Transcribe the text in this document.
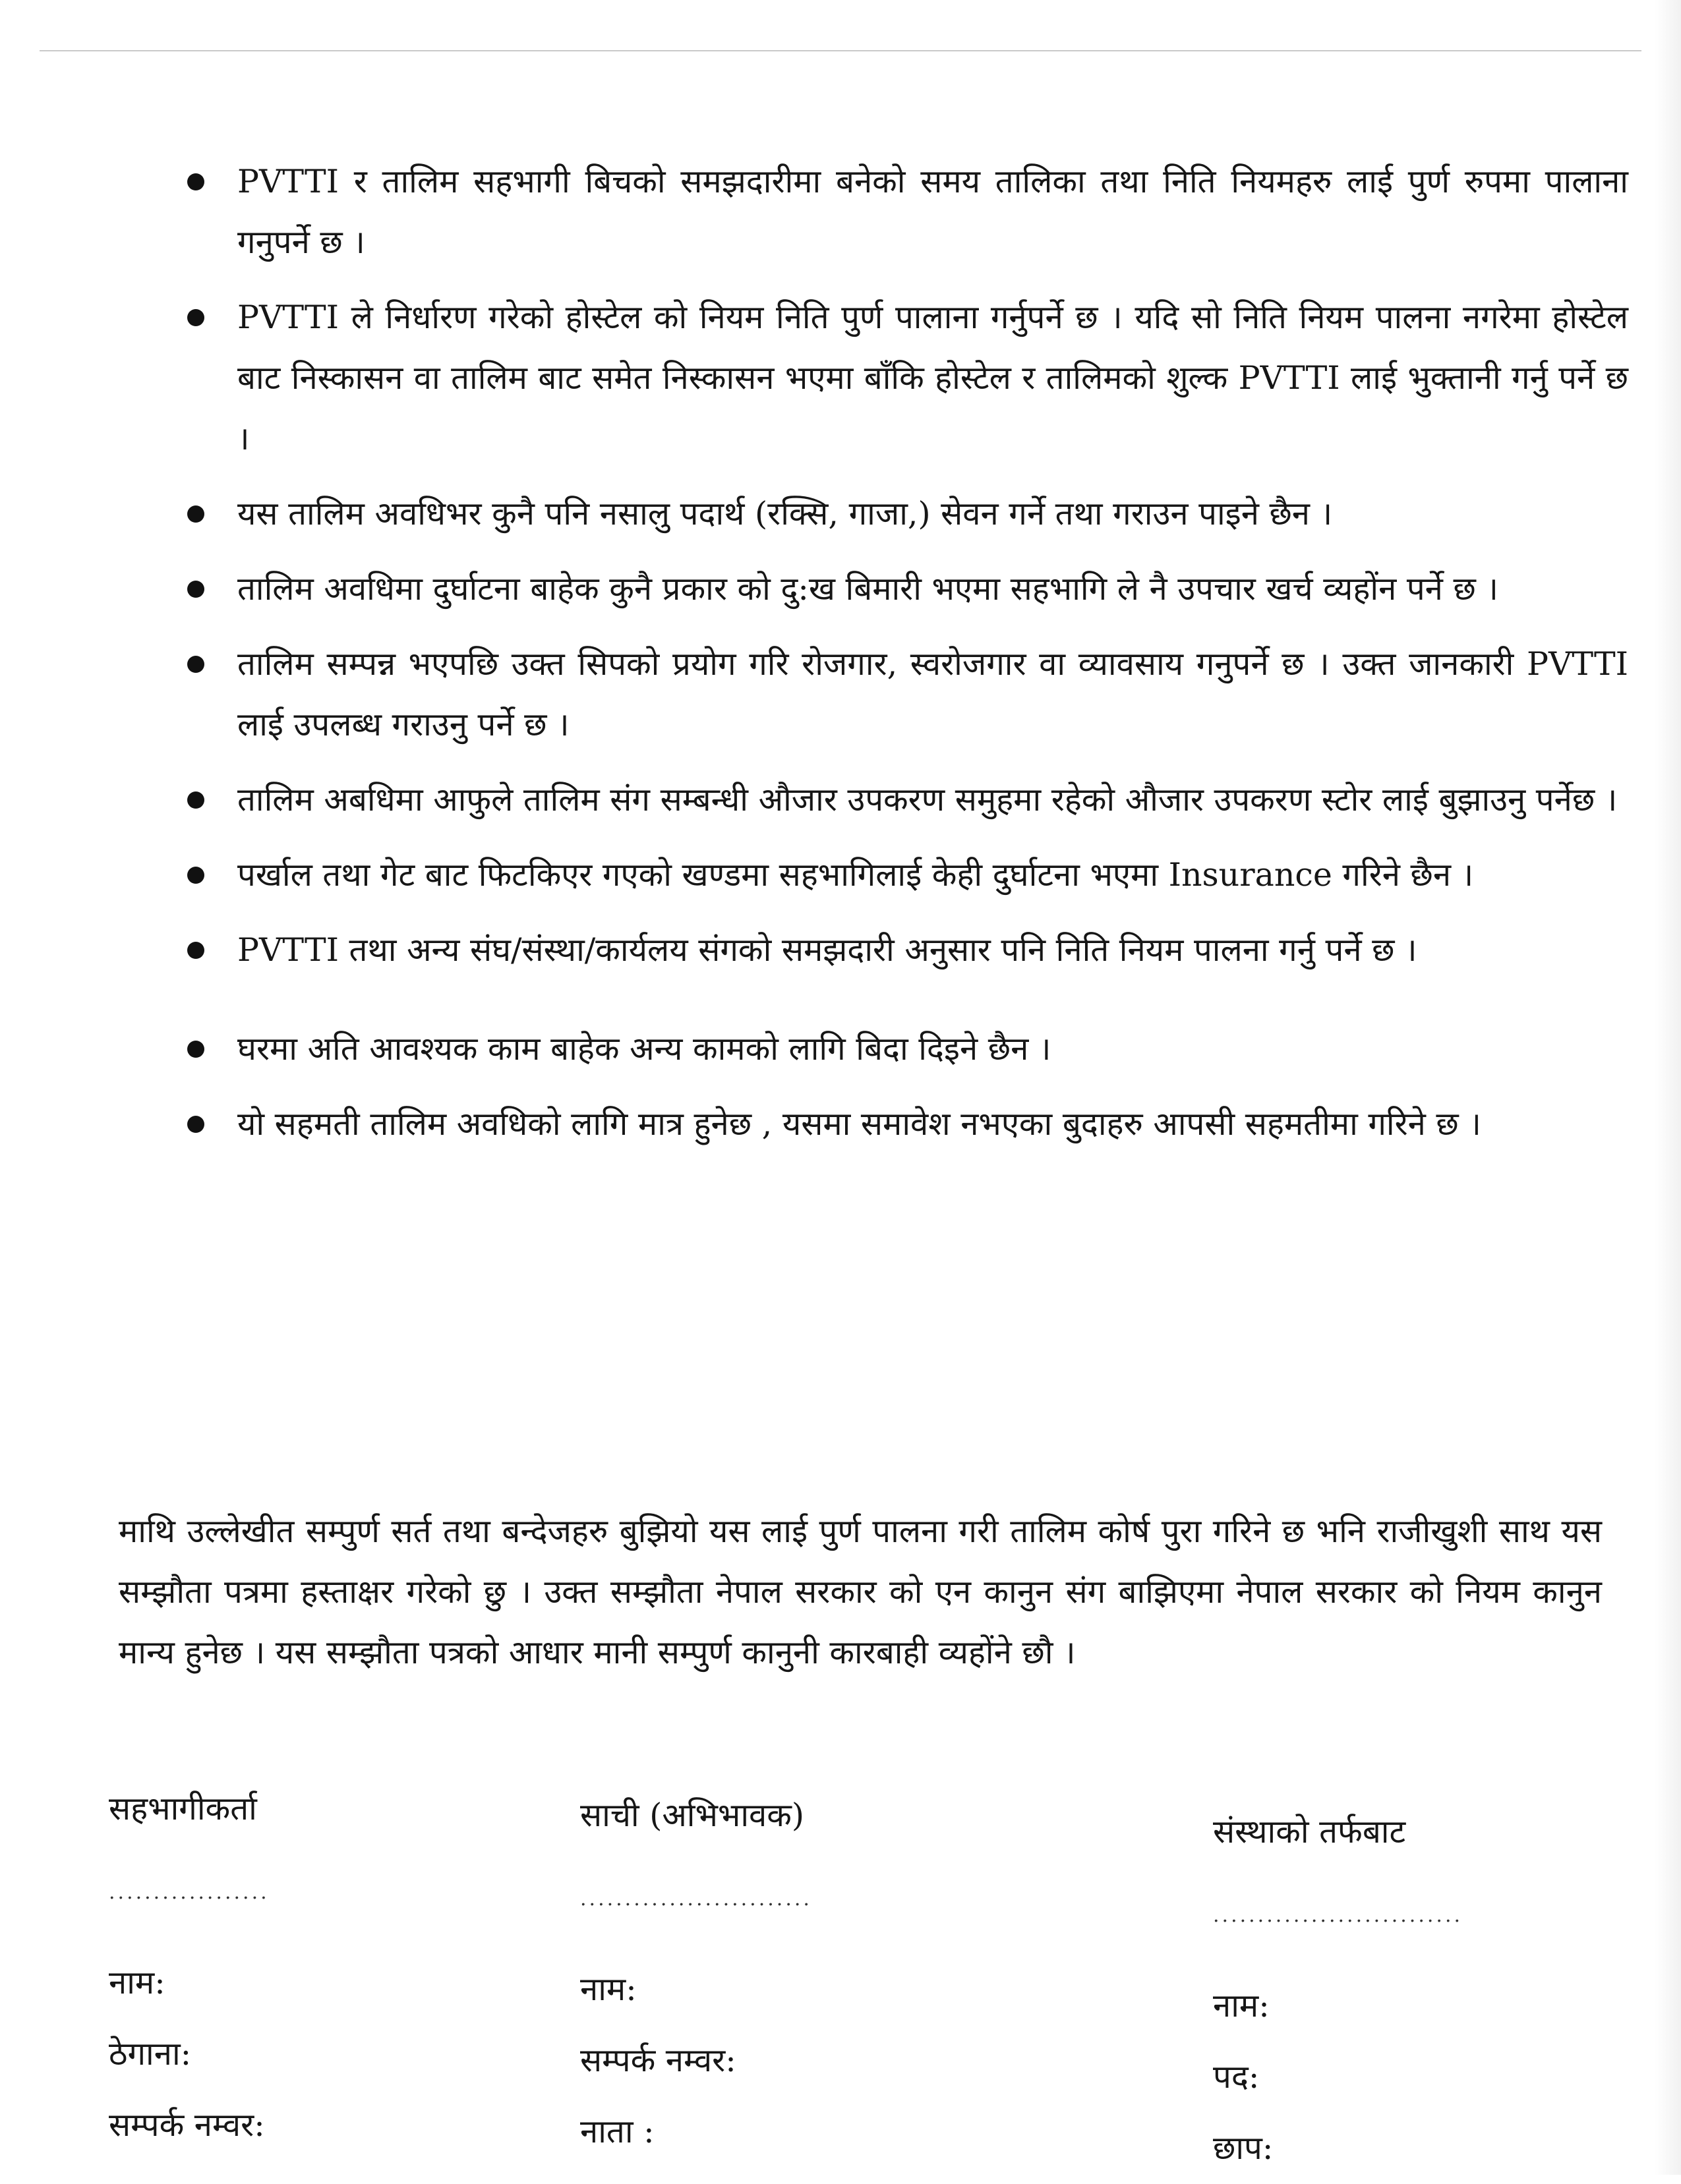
PVTTI र तालिम सहभागी बिचको समझदारीमा बनेको समय तालिका तथा निति नियमहरु लाई पुर्ण रुपमा पालाना गनुपर्ने छ ।
PVTTI ले निर्धारण गरेको होस्टेल को नियम निति पुर्ण पालाना गर्नुपर्ने छ । यदि सो निति नियम पालना नगरेमा होस्टेल बाट निस्कासन वा तालिम बाट समेत निस्कासन भएमा बाँकि होस्टेल र तालिमको शुल्क PVTTI लाई भुक्तानी गर्नु पर्ने छ ।
यस तालिम अवधिभर कुनै पनि नसालु पदार्थ (रक्सि, गाजा,) सेवन गर्ने तथा गराउन पाइने छैन ।
तालिम अवधिमा दुर्घाटना बाहेक कुनै प्रकार को दु:ख बिमारी भएमा सहभागि ले नै उपचार खर्च व्यहोंन पर्ने छ ।
तालिम सम्पन्न भएपछि उक्त सिपको प्रयोग गरि रोजगार, स्वरोजगार वा व्यावसाय गनुपर्ने छ । उक्त जानकारी PVTTI लाई उपलब्ध गराउनु पर्ने छ ।
तालिम अबधिमा आफुले तालिम संग सम्बन्धी औजार उपकरण समुहमा रहेको औजार उपकरण स्टोर लाई बुझाउनु पर्नेछ ।
पर्खाल तथा गेट बाट फिटकिएर गएको खण्डमा सहभागिलाई केही दुर्घाटना भएमा Insurance गरिने छैन ।
PVTTI तथा अन्य संघ/संस्था/कार्यलय संगको समझदारी अनुसार पनि निति नियम पालना गर्नु पर्ने छ ।
घरमा अति आवश्यक काम बाहेक अन्य कामको लागि बिदा दिइने छैन ।
यो सहमती तालिम अवधिको लागि मात्र हुनेछ , यसमा समावेश नभएका बुदाहरु आपसी सहमतीमा गरिने छ ।

माथि उल्लेखीत सम्पुर्ण सर्त तथा बन्देजहरु बुझियो यस लाई पुर्ण पालना गरी तालिम कोर्ष पुरा गरिने छ भनि राजीखुशी साथ यस सम्झौता पत्रमा हस्ताक्षर गरेको छु । उक्त सम्झौता नेपाल सरकार को एन कानुन संग बाझिएमा नेपाल सरकार को नियम कानुन मान्य हुनेछ । यस सम्झौता पत्रको आधार मानी सम्पुर्ण कानुनी कारबाही व्यहोंने छौ ।

सहभागीकर्ता
..................
नाम:
ठेगाना:
सम्पर्क नम्वर:
साची (अभिभावक)
..........................
नाम:
सम्पर्क नम्वर:
नाता :
संस्थाको तर्फबाट
............................
नाम:
पद:
छाप:
